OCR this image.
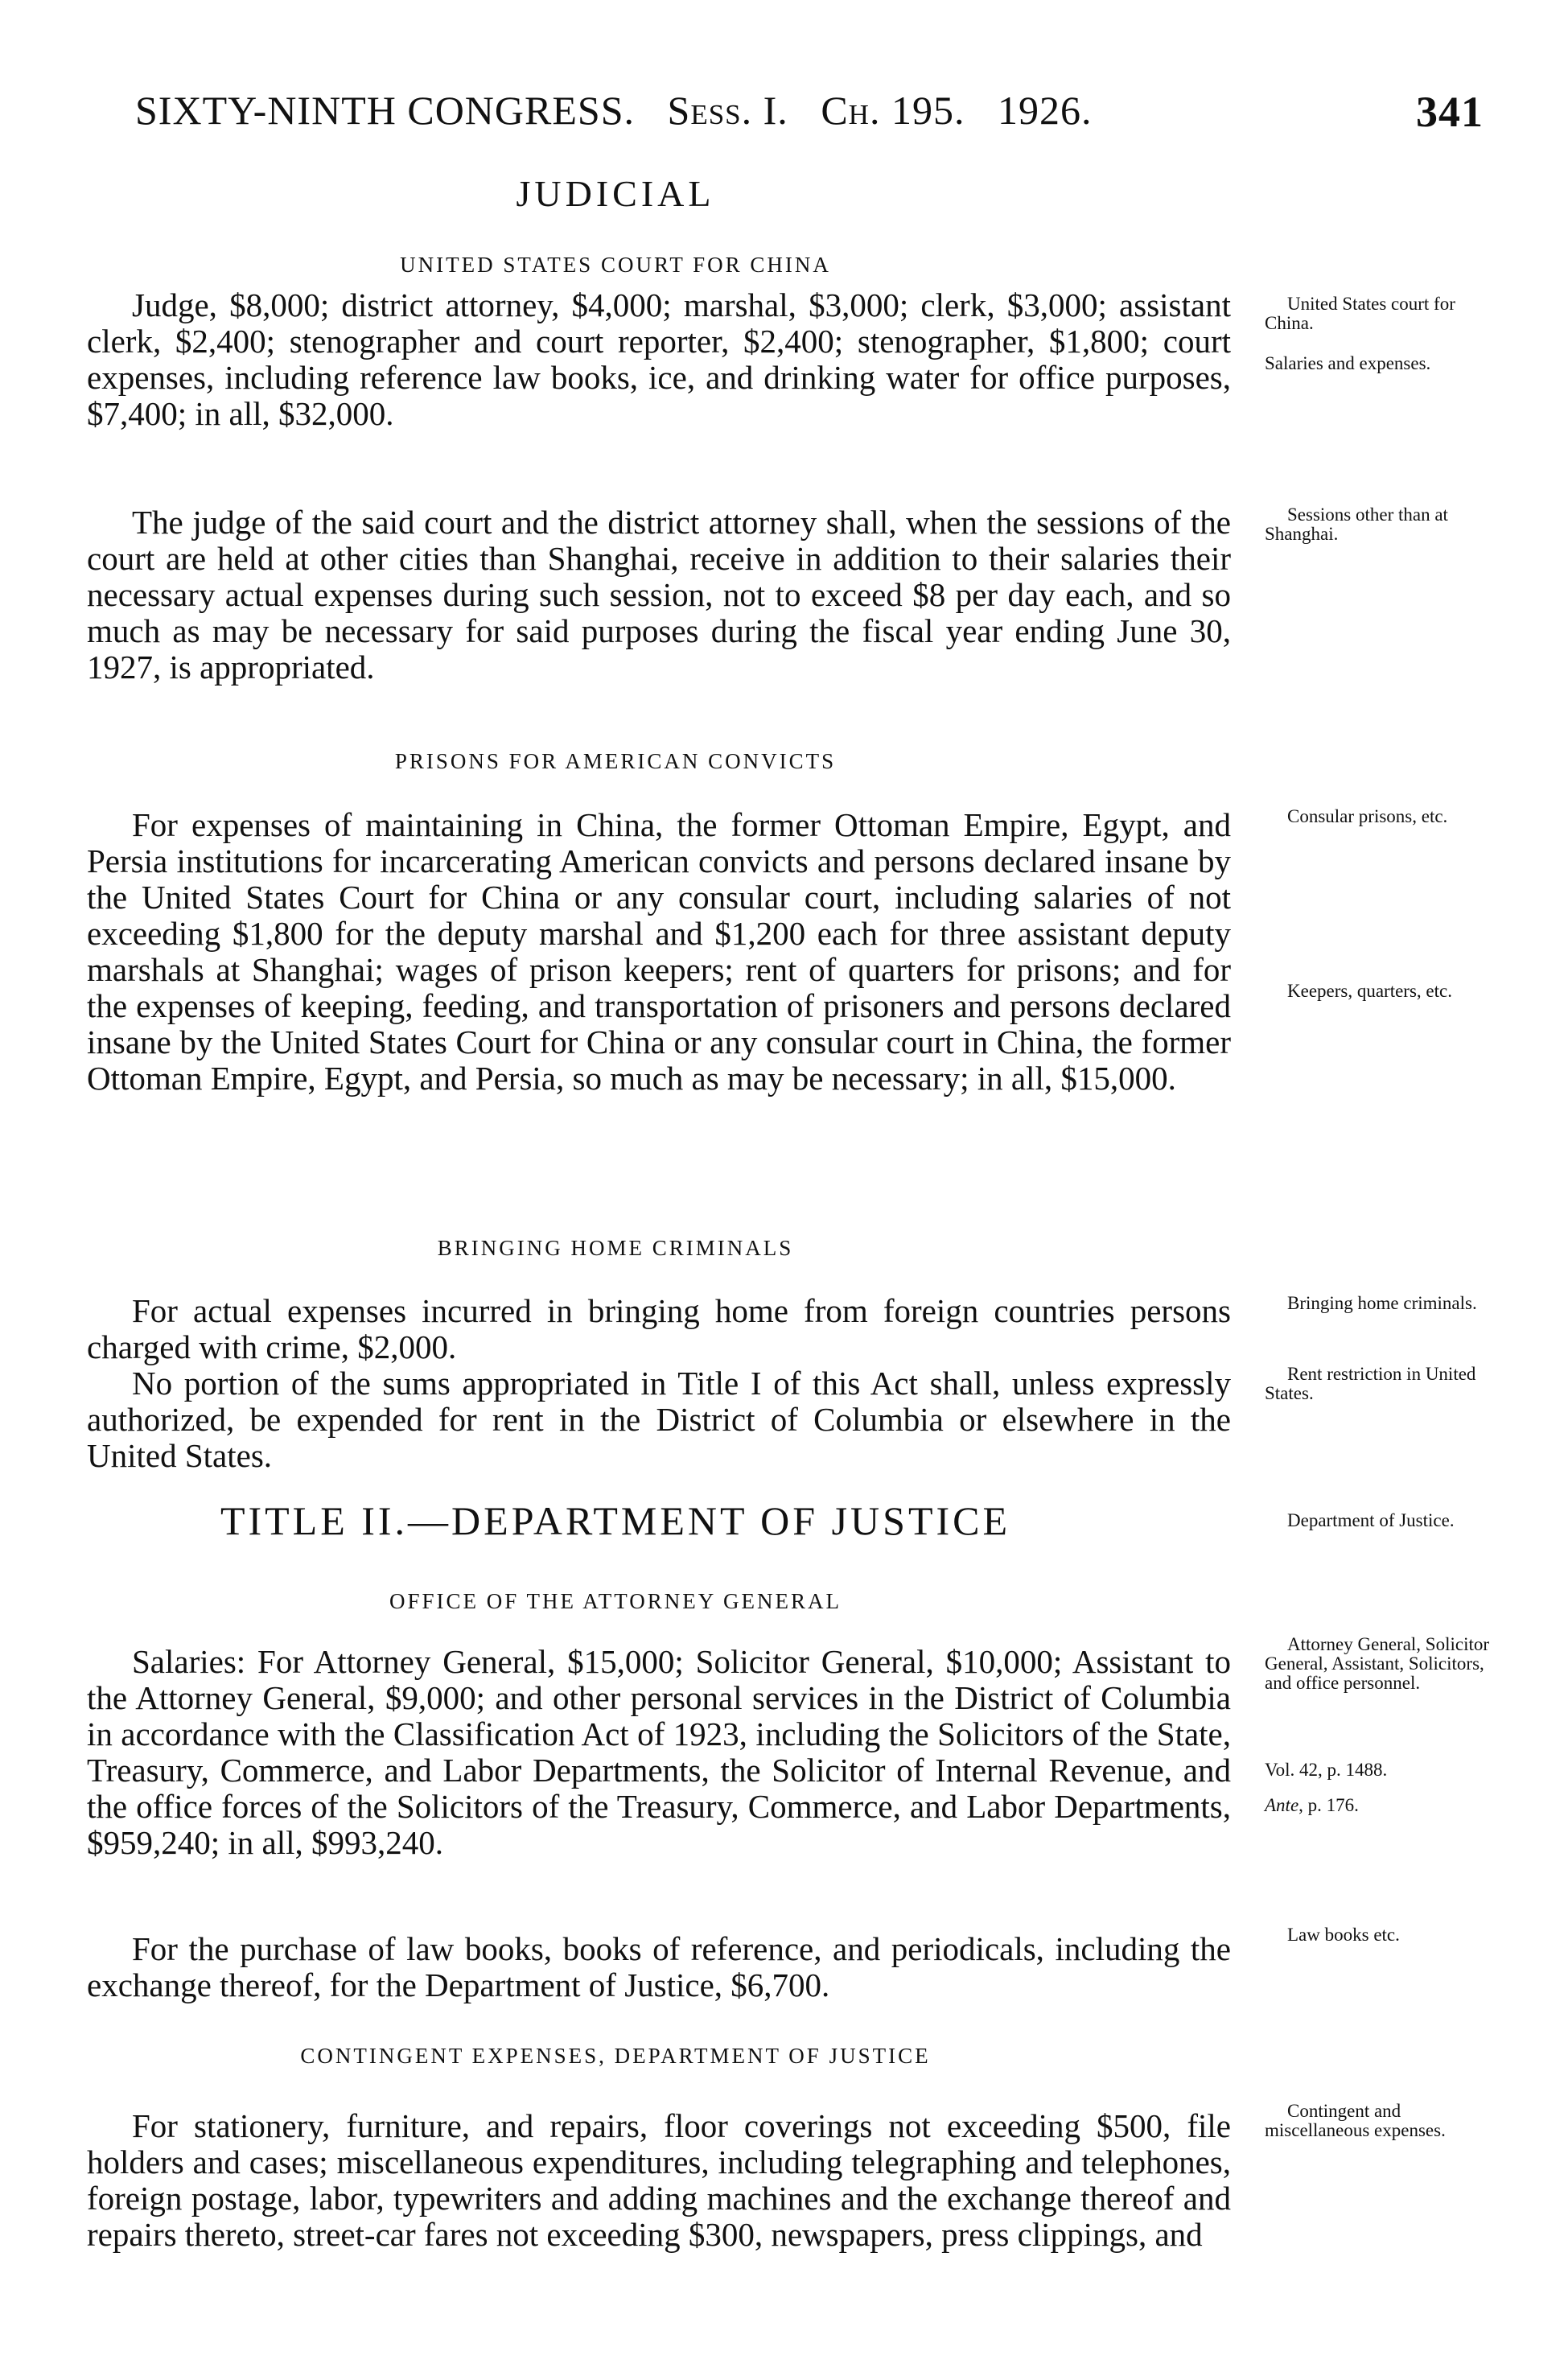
SIXTY-NINTH CONGRESS. Sess. I. Ch. 195. 1926.	341
JUDICIAL
UNITED STATES COURT FOR CHINA

Judge, $8,000; district attorney, $4,000; marshal, $3,000; clerk, $3,000; assistant clerk, $2,400; stenographer and court reporter, $2,400; stenographer, $1,800; court expenses, including reference law books, ice, and drinking water for office purposes, $7,400; in all, $32,000.

United States court for China.

Salaries and expenses.

The judge of the said court and the district attorney shall, when the sessions of the court are held at other cities than Shanghai, receive in addition to their salaries their necessary actual expenses during such session, not to exceed $8 per day each, and so much as may be necessary for said purposes during the fiscal year ending June 30, 1927, is appropriated.

Sessions other than at Shanghai.

PRISONS FOR AMERICAN CONVICTS

For expenses of maintaining in China, the former Ottoman Empire, Egypt, and Persia institutions for incarcerating American convicts and persons declared insane by the United States Court for China or any consular court, including salaries of not exceeding $1,800 for the deputy marshal and $1,200 each for three assistant deputy marshals at Shanghai; wages of prison keepers; rent of quarters for prisons; and for the expenses of keeping, feeding, and transportation of prisoners and persons declared insane by the United States Court for China or any consular court in China, the former Ottoman Empire, Egypt, and Persia, so much as may be necessary; in all, $15,000.

Consular prisons, etc.

Keepers, quarters, etc.

BRINGING HOME CRIMINALS

For actual expenses incurred in bringing home from foreign countries persons charged with crime, $2,000.

Bringing home criminals.

No portion of the sums appropriated in Title I of this Act shall, unless expressly authorized, be expended for rent in the District of Columbia or elsewhere in the United States.

Rent restriction in United States.

TITLE II.—DEPARTMENT OF JUSTICE	Department of Justice.

OFFICE OF THE ATTORNEY GENERAL

Salaries: For Attorney General, $15,000; Solicitor General, $10,000; Assistant to the Attorney General, $9,000; and other personal services in the District of Columbia in accordance with the Classification Act of 1923, including the Solicitors of the State, Treasury, Commerce, and Labor Departments, the Solicitor of Internal Revenue, and the office forces of the Solicitors of the Treasury, Commerce, and Labor Departments, $959,240; in all, $993,240.

Attorney General, Solicitor General, Assistant, Solicitors, and office personnel.

Vol. 42, p. 1488.

Ante, p. 176.

For the purchase of law books, books of reference, and periodicals, including the exchange thereof, for the Department of Justice, $6,700.

Law books etc.

CONTINGENT EXPENSES, DEPARTMENT OF JUSTICE

For stationery, furniture, and repairs, floor coverings not exceeding $500, file holders and cases; miscellaneous expenditures, including telegraphing and telephones, foreign postage, labor, typewriters and adding machines and the exchange thereof and repairs thereto, street-car fares not exceeding $300, newspapers, press clippings, and

Contingent and miscellaneous expenses.
